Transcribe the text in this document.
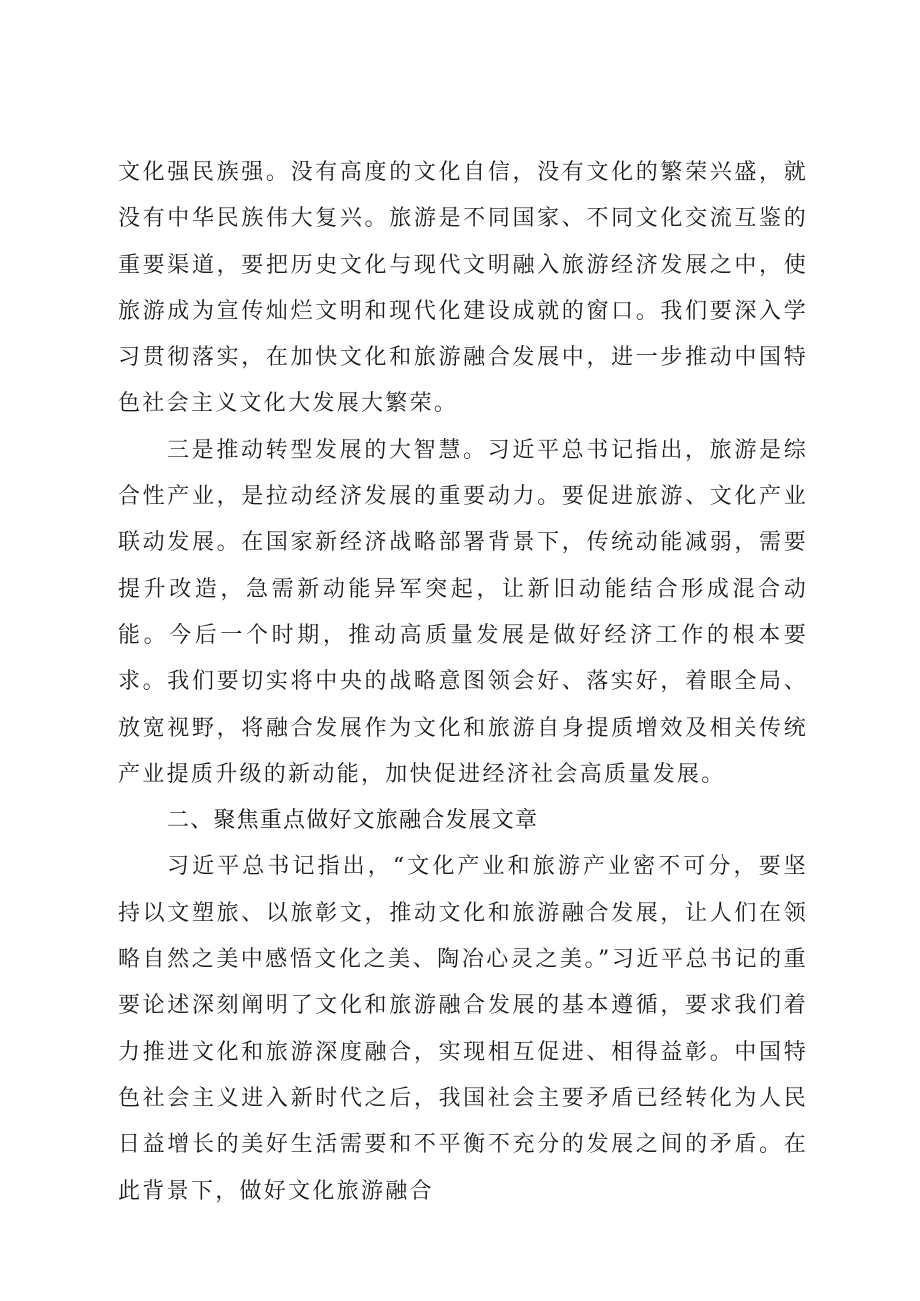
文化强民族强。没有高度的文化自信，没有文化的繁荣兴盛，就没有中华民族伟大复兴。旅游是不同国家、不同文化交流互鉴的重要渠道，要把历史文化与现代文明融入旅游经济发展之中，使旅游成为宣传灿烂文明和现代化建设成就的窗口。我们要深入学习贯彻落实，在加快文化和旅游融合发展中，进一步推动中国特色社会主义文化大发展大繁荣。

三是推动转型发展的大智慧。习近平总书记指出，旅游是综合性产业，是拉动经济发展的重要动力。要促进旅游、文化产业联动发展。在国家新经济战略部署背景下，传统动能减弱，需要提升改造，急需新动能异军突起，让新旧动能结合形成混合动能。今后一个时期，推动高质量发展是做好经济工作的根本要求。我们要切实将中央的战略意图领会好、落实好，着眼全局、放宽视野，将融合发展作为文化和旅游自身提质增效及相关传统产业提质升级的新动能，加快促进经济社会高质量发展。

二、聚焦重点做好文旅融合发展文章

习近平总书记指出，“文化产业和旅游产业密不可分，要坚持以文塑旅、以旅彰文，推动文化和旅游融合发展，让人们在领略自然之美中感悟文化之美、陶冶心灵之美。”习近平总书记的重要论述深刻阐明了文化和旅游融合发展的基本遵循，要求我们着力推进文化和旅游深度融合，实现相互促进、相得益彰。中国特色社会主义进入新时代之后，我国社会主要矛盾已经转化为人民日益增长的美好生活需要和不平衡不充分的发展之间的矛盾。在此背景下，做好文化旅游融合
